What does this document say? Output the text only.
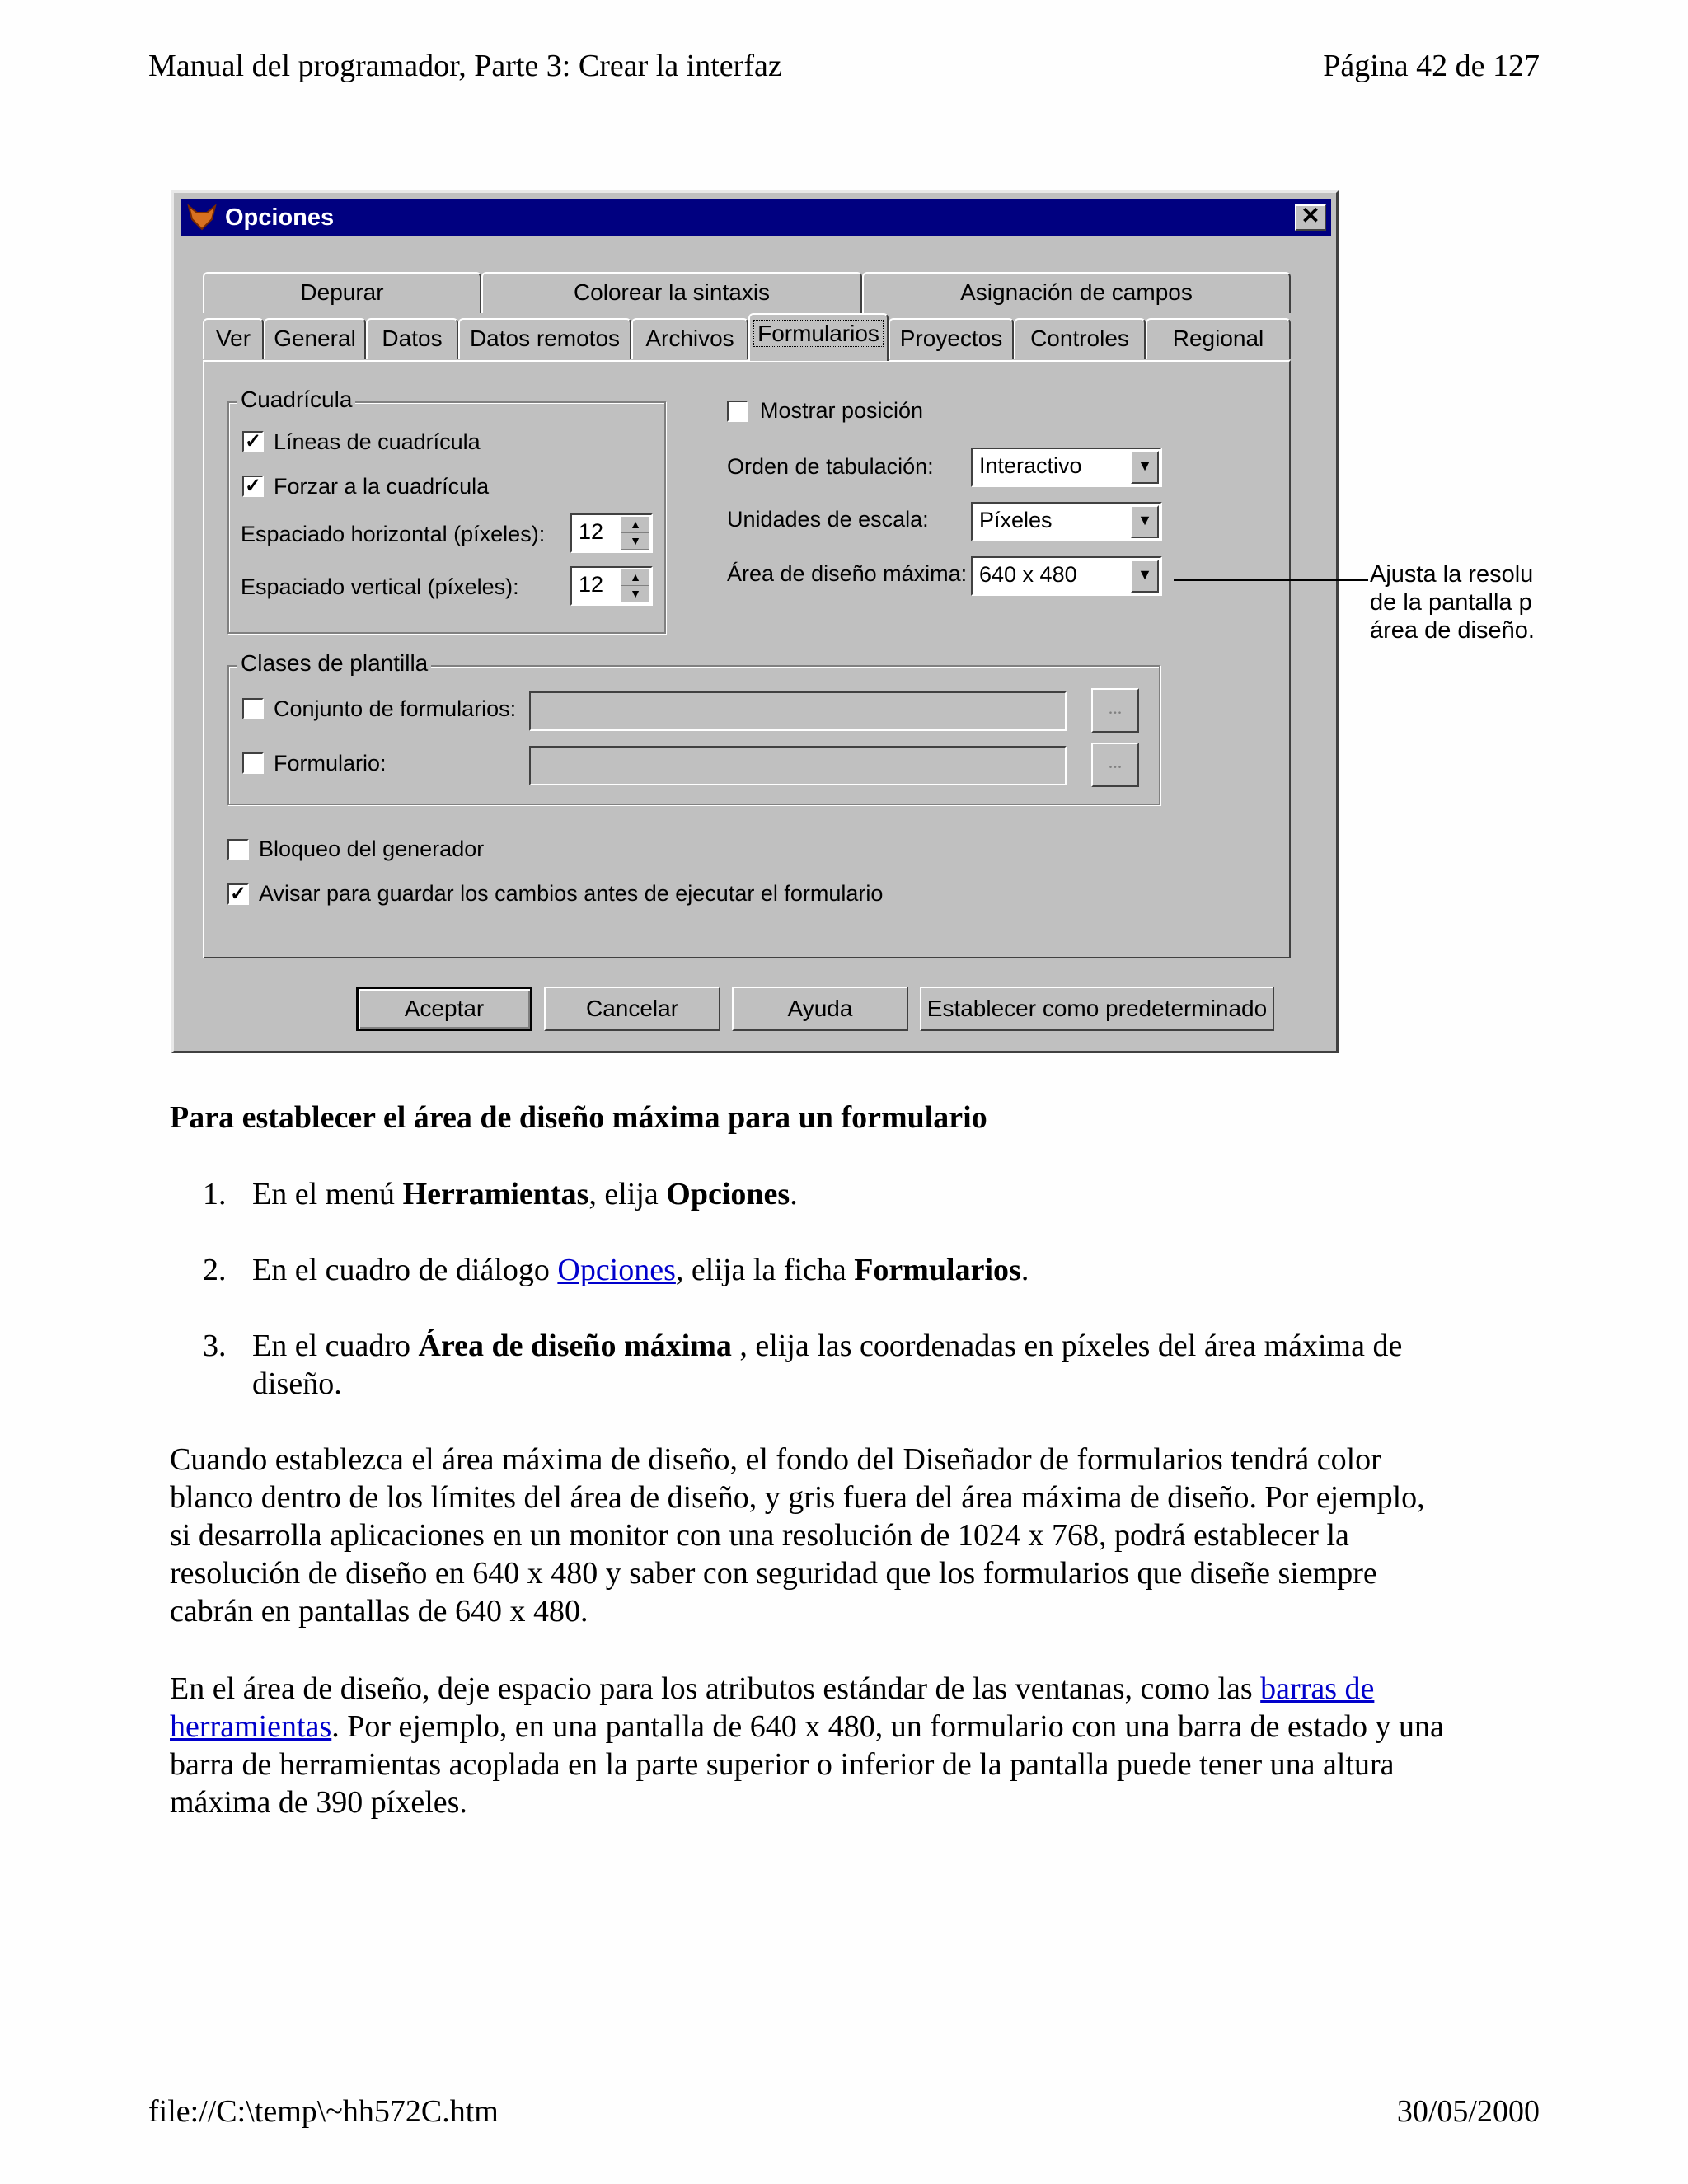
Manual del programador, Parte 3: Crear la interfaz	Página 42 de 127
Opciones	✕
Depurar	Colorear la sintaxis	Asignación de campos
Ver	General	Datos	Datos remotos	Archivos	Formularios Proyectos	Controles	Regional
Cuadrícula
✓ Líneas de cuadrícula
✓ Forzar a la cuadrícula
Espaciado horizontal (píxeles):	12	▲
▼
Espaciado vertical (píxeles):	12	▲
▼
Mostrar posición
Orden de tabulación:	Interactivo	▼
Unidades de escala:	Píxeles	▼
Área de diseño máxima: 640 x 480	▼
Clases de plantilla
Conjunto de formularios:	...
Formulario:	...
Bloqueo del generador
✓ Avisar para guardar los cambios antes de ejecutar el formulario
Aceptar	Cancelar	Ayuda	Establecer como predeterminado
Ajusta la resolu
de la pantalla p
área de diseño.
Para establecer el área de diseño máxima para un formulario
1. En el menú Herramientas, elija Opciones.
2. En el cuadro de diálogo Opciones, elija la ficha Formularios.
3. En el cuadro Área de diseño máxima , elija las coordenadas en píxeles del área máxima de
diseño.
Cuando establezca el área máxima de diseño, el fondo del Diseñador de formularios tendrá color
blanco dentro de los límites del área de diseño, y gris fuera del área máxima de diseño. Por ejemplo,
si desarrolla aplicaciones en un monitor con una resolución de 1024 x 768, podrá establecer la
resolución de diseño en 640 x 480 y saber con seguridad que los formularios que diseñe siempre
cabrán en pantallas de 640 x 480.
En el área de diseño, deje espacio para los atributos estándar de las ventanas, como las barras de
herramientas. Por ejemplo, en una pantalla de 640 x 480, un formulario con una barra de estado y una
barra de herramientas acoplada en la parte superior o inferior de la pantalla puede tener una altura
máxima de 390 píxeles.
file://C:\temp\~hh572C.htm	30/05/2000
